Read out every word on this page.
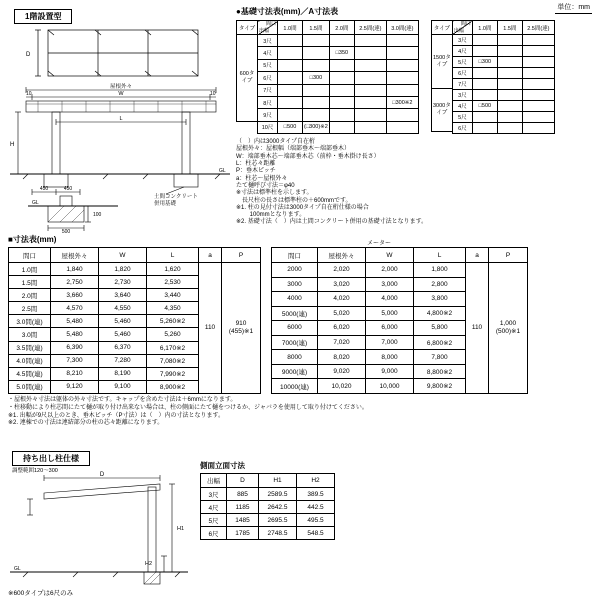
単位：mm
1階設置型
D
屋根外々
10	W	10
L
H
GL
450	450
土間コンクリート
併用基礎
GL
500
100
●基礎寸法表(mm)／A寸法表
タイプ
600タイプ
間口
出幅	1.0間	1.5間	2.0間	2.5間(連)	3.0間(連)
3尺					
4尺			□350		
5尺					
6尺		□300			
7尺					
8尺					□300※2
9尺					
10尺	□500	(□300)※2			
タイプ
1500タイプ
3000タイプ
間口
出幅	1.0間	1.5間	2.5間(連)
3尺			
4尺			
5尺	□300		
6尺			
7尺			
3尺			
4尺	□500		
5尺			
6尺			
（　）内は3000タイプ自在桁
屋根外々：屋根幅（端部垂木〜端部垂木）
W：端部垂木芯〜端部垂木芯（前枠・垂木掛け長さ）
L：柱芯々距離
P：垂木ピッチ
a：柱芯〜屋根外々
たて樋呼び寸法＝φ40
※寸法は標準柱を示します。
　長尺柱の長さは標準柱の＋600mmです。
※1. 柱の見付寸法は3000タイプ自在桁仕様の場合
　　 100mmとなります。
※2. 基礎寸法（　）内は土間コンクリート併用の基礎寸法となります。
■寸法表(mm)
間口	屋根外々	W	L
1.0間	1,840	1,820	1,620
1.5間	2,750	2,730	2,530
2.0間	3,660	3,640	3,440
2.5間	4,570	4,550	4,350
3.0間(連)	5,480	5,460	5,260※2
3.0間	5,480	5,460	5,260
3.5間(連)	6,390	6,370	6,170※2
4.0間(連)	7,300	7,280	7,080※2
4.5間(連)	8,210	8,190	7,990※2
5.0間(連)	9,120	9,100	8,900※2
a
110
P
910
(455)※1
メーター
間口	屋根外々	W	L
2000	2,020	2,000	1,800
3000	3,020	3,000	2,800
4000	4,020	4,000	3,800
5000(連)	5,020	5,000	4,800※2
6000	6,020	6,000	5,800
7000(連)	7,020	7,000	6,800※2
8000	8,020	8,000	7,800
9000(連)	9,020	9,000	8,800※2
10000(連)	10,020	10,000	9,800※2
a
110
P
1,000
(500)※1
・屋根外々寸法は躯体の外々寸法です。キャップを含めた寸法は＋6mmになります。
・柱移動により柱芯間にたて樋が取り付け出来ない場合は、柱の側面にたて樋をつけるか、ジャバラを使用して取り付けてください。
※1. 出幅が9尺以上のとき、垂木ピッチ（P寸法）は（　）内の寸法となります。
※2. 連棟での寸法は連結部分の柱の芯々距離になります。
持ち出し柱仕様
調整範囲120〜300
D
H1
H2
GL
※600タイプは6尺のみ
側面立面寸法
出幅	D	H1	H2
3尺	885	2589.5	389.5
4尺	1185	2642.5	442.5
5尺	1485	2695.5	495.5
6尺	1785	2748.5	548.5
